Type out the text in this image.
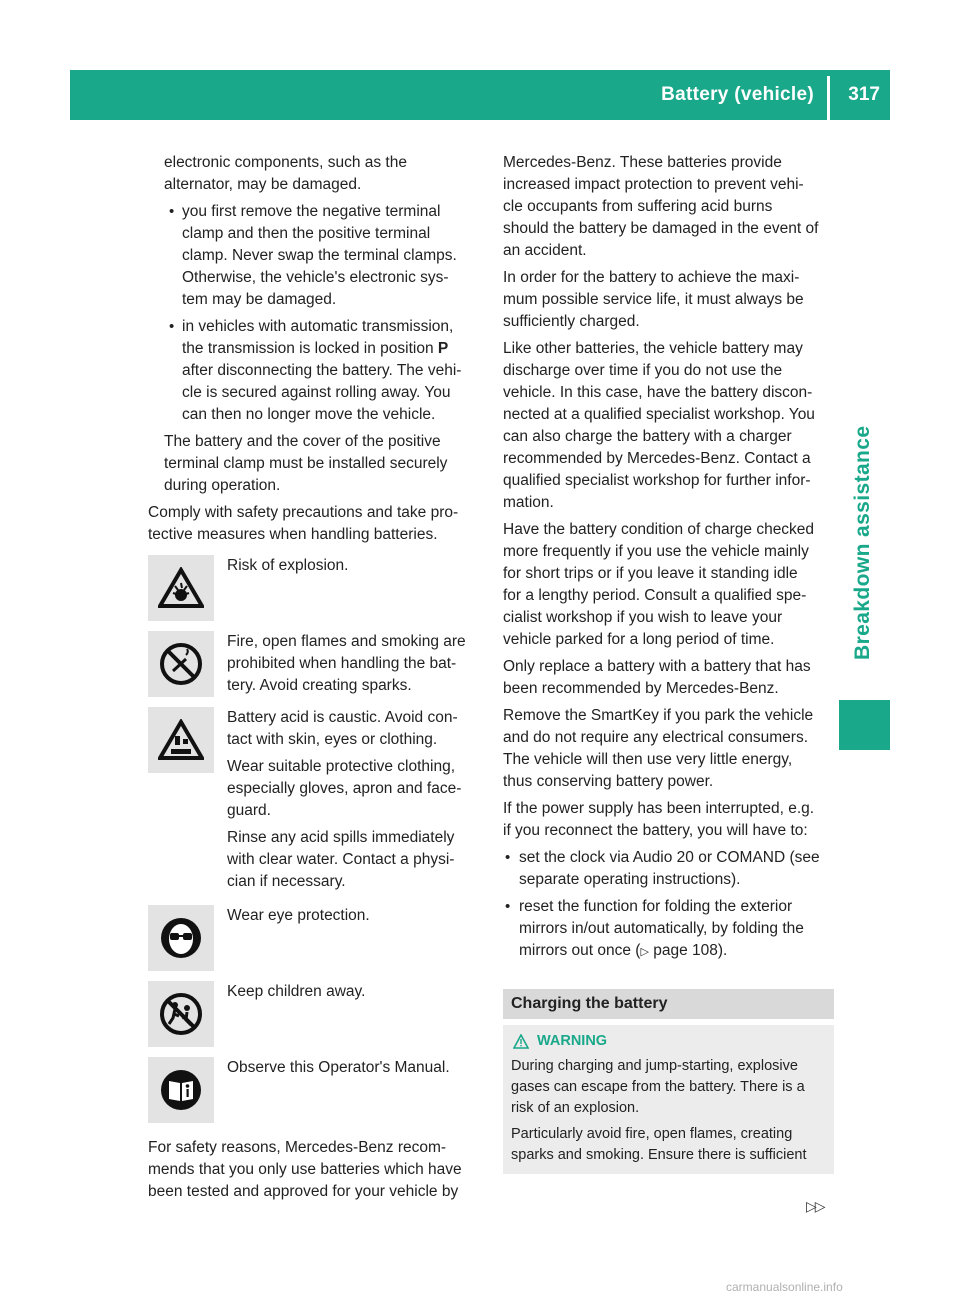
Battery (vehicle) 317
Breakdown assistance

electronic components, such as the
alternator, may be damaged.

• you first remove the negative terminal
clamp and then the positive terminal
clamp. Never swap the terminal clamps.
Otherwise, the vehicle's electronic sys-
tem may be damaged.

• in vehicles with automatic transmission,
the transmission is locked in position P
after disconnecting the battery. The vehi-
cle is secured against rolling away. You
can then no longer move the vehicle.

The battery and the cover of the positive
terminal clamp must be installed securely
during operation.

Comply with safety precautions and take pro-
tective measures when handling batteries.

Risk of explosion.
Fire, open flames and smoking are
prohibited when handling the bat-
tery. Avoid creating sparks.

Battery acid is caustic. Avoid con-
tact with skin, eyes or clothing.

Wear suitable protective clothing,
especially gloves, apron and face-
guard.

Rinse any acid spills immediately
with clear water. Contact a physi-
cian if necessary.

Wear eye protection.
Keep children away.
Observe this Operator's Manual.

For safety reasons, Mercedes-Benz recom-
mends that you only use batteries which have
been tested and approved for your vehicle by

Mercedes-Benz. These batteries provide
increased impact protection to prevent vehi-
cle occupants from suffering acid burns
should the battery be damaged in the event of
an accident.

In order for the battery to achieve the maxi-
mum possible service life, it must always be
sufficiently charged.

Like other batteries, the vehicle battery may
discharge over time if you do not use the
vehicle. In this case, have the battery discon-
nected at a qualified specialist workshop. You
can also charge the battery with a charger
recommended by Mercedes-Benz. Contact a
qualified specialist workshop for further infor-
mation.

Have the battery condition of charge checked
more frequently if you use the vehicle mainly
for short trips or if you leave it standing idle
for a lengthy period. Consult a qualified spe-
cialist workshop if you wish to leave your
vehicle parked for a long period of time.

Only replace a battery with a battery that has
been recommended by Mercedes-Benz.

Remove the SmartKey if you park the vehicle
and do not require any electrical consumers.
The vehicle will then use very little energy,
thus conserving battery power.

If the power supply has been interrupted, e.g.
if you reconnect the battery, you will have to:

• set the clock via Audio 20 or COMAND (see
separate operating instructions).

• reset the function for folding the exterior
mirrors in/out automatically, by folding the
mirrors out once (▷ page 108).

Charging the battery
WARNING

During charging and jump-starting, explosive
gases can escape from the battery. There is a
risk of an explosion.

Particularly avoid fire, open flames, creating
sparks and smoking. Ensure there is sufficient

▷▷
carmanualsonline.info
